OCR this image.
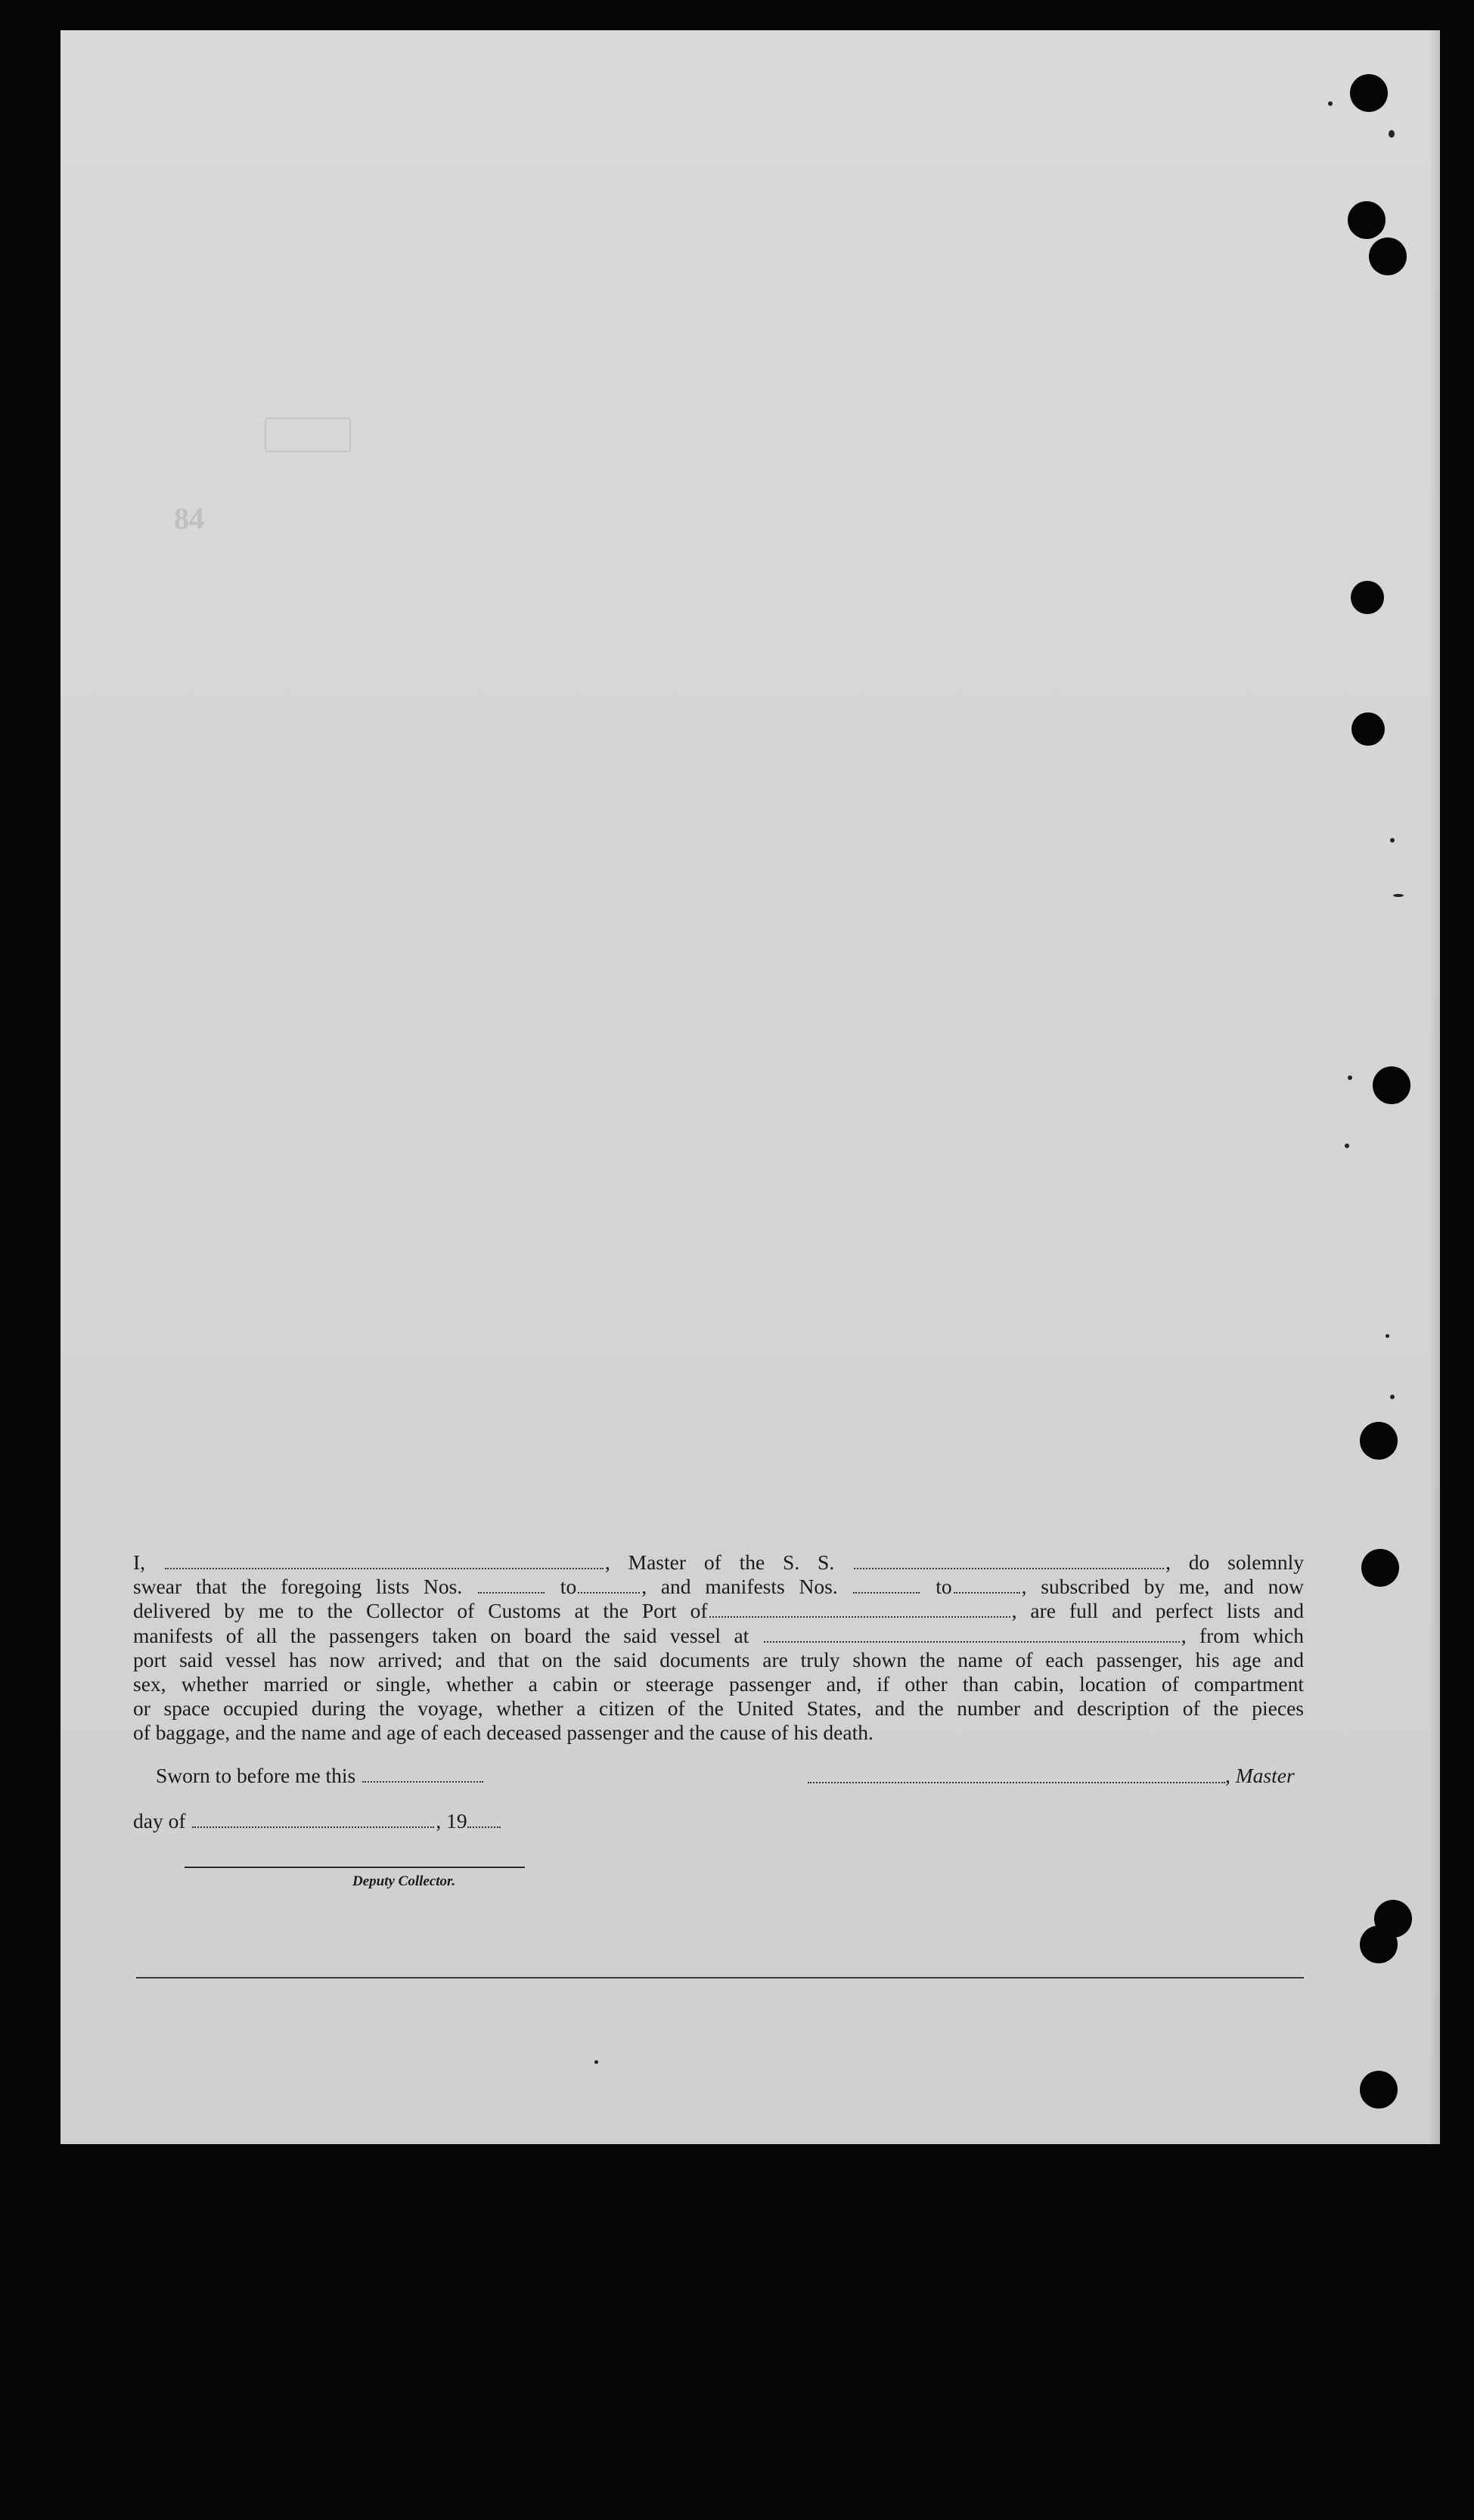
84
I,	, Master of the S. S.	, do solemnly
swear that the foregoing lists Nos.	to	, and manifests Nos.	to	, subscribed by me, and now
delivered by me to the Collector of Customs at the Port of	, are full and perfect lists and
manifests of all the passengers taken on board the said vessel at	, from which
port said vessel has now arrived; and that on the said documents are truly shown the name of each passenger, his age and
sex, whether married or single, whether a cabin or steerage passenger and, if other than cabin, location of compartment
or space occupied during the voyage, whether a citizen of the United States, and the number and description of the pieces
of baggage, and the name and age of each deceased passenger and the cause of his death.
Sworn to before me this	, Master
day of	, 19
Deputy Collector.
